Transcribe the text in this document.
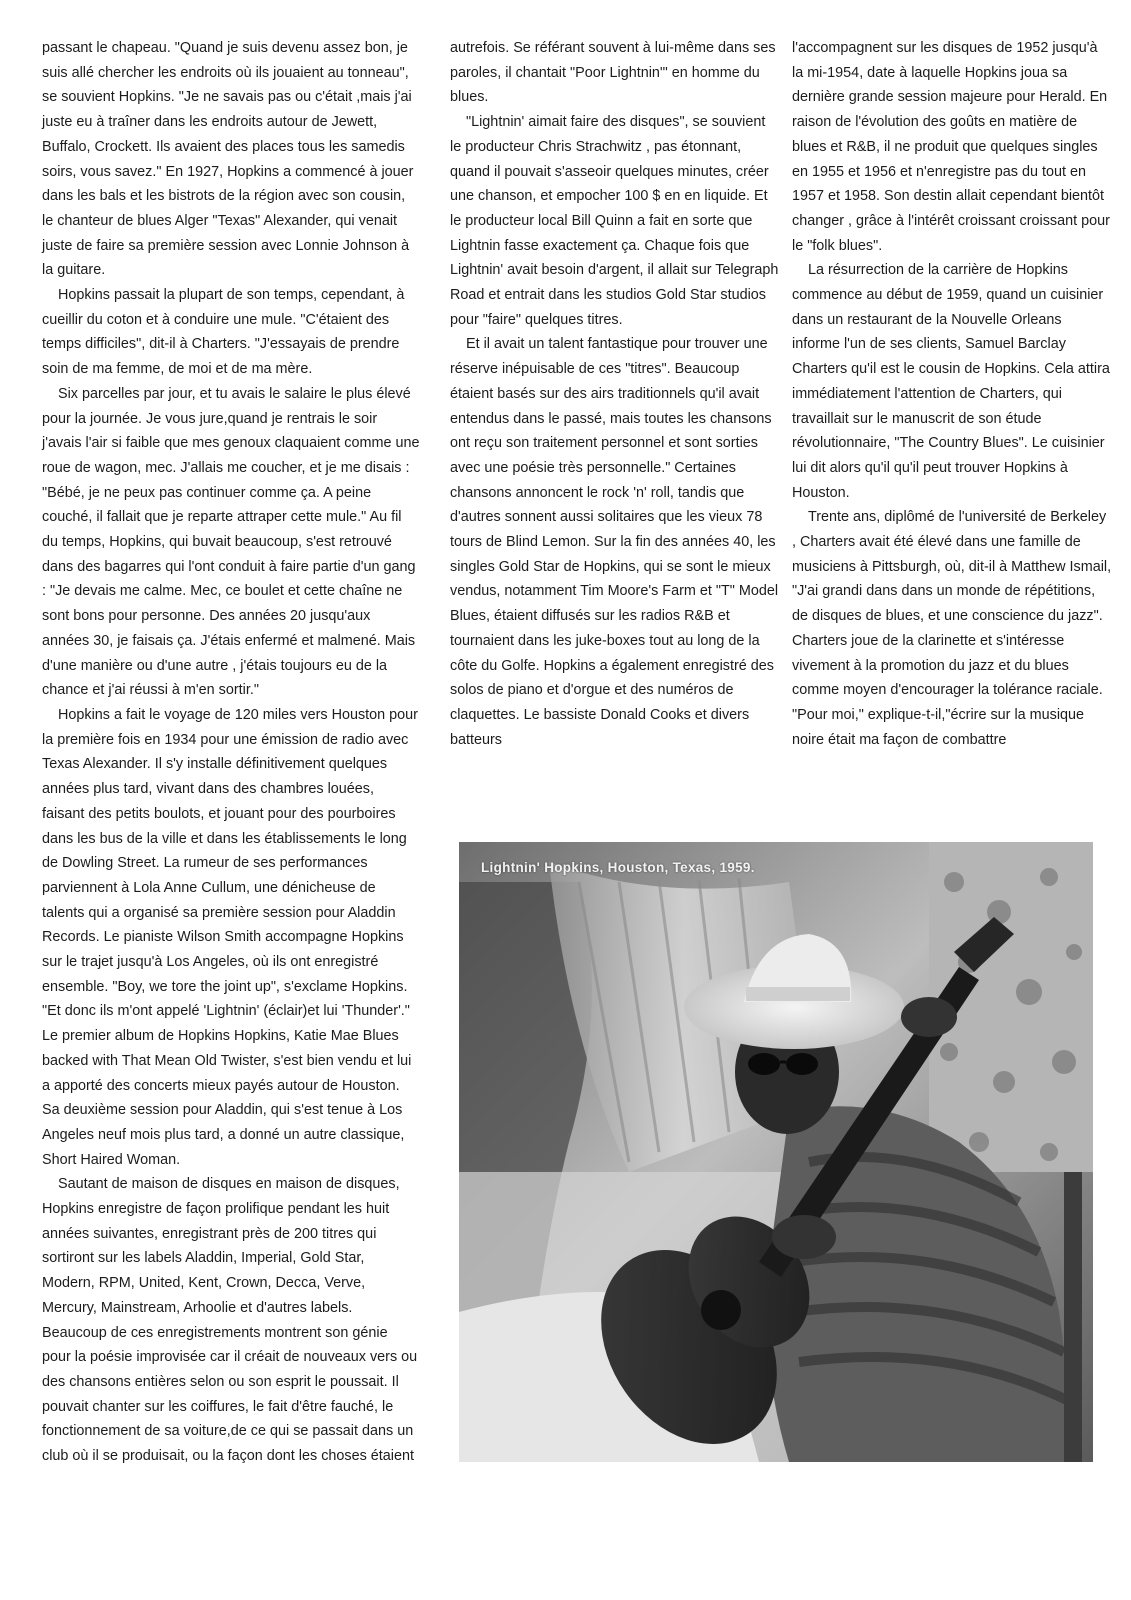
passant le chapeau. "Quand je suis devenu assez bon, je suis allé chercher les endroits où ils jouaient au tonneau", se souvient Hopkins. "Je ne savais pas ou c'était ,mais j'ai juste eu à traîner dans les endroits autour de Jewett, Buffalo, Crockett. Ils avaient des places tous les samedis soirs, vous savez." En 1927, Hopkins a commencé à jouer dans les bals et les bistrots de la région avec son cousin, le chanteur de blues Alger "Texas" Alexander, qui venait juste de faire sa première session avec Lonnie Johnson à la guitare.

Hopkins passait la plupart de son temps, cependant, à cueillir du coton et à conduire une mule. "C'étaient des temps difficiles", dit-il à Charters. "J'essayais de prendre soin de ma femme, de moi et de ma mère.

Six parcelles par jour, et tu avais le salaire le plus élevé pour la journée. Je vous jure,quand je rentrais le soir j'avais l'air si faible que mes genoux claquaient comme une roue de wagon, mec. J'allais me coucher, et je me disais : "Bébé, je ne peux pas continuer comme ça. A peine couché, il fallait que je reparte attraper cette mule." Au fil du temps, Hopkins, qui buvait beaucoup, s'est retrouvé dans des bagarres qui l'ont conduit à faire partie d'un gang : "Je devais me calme. Mec, ce boulet et cette chaîne ne sont bons pour personne. Des années 20 jusqu'aux années 30, je faisais ça. J'étais enfermé et malmené. Mais d'une manière ou d'une autre , j'étais toujours eu de la chance et j'ai réussi à m'en sortir."

Hopkins a fait le voyage de 120 miles vers Houston pour la première fois en 1934 pour une émission de radio avec Texas Alexander. Il s'y installe définitivement quelques années plus tard, vivant dans des chambres louées, faisant des petits boulots, et jouant pour des pourboires dans les bus de la ville et dans les établissements le long de Dowling Street. La rumeur de ses performances parviennent à Lola Anne Cullum, une dénicheuse de talents qui a organisé sa première session pour Aladdin Records. Le pianiste Wilson Smith accompagne Hopkins sur le trajet jusqu'à Los Angeles, où ils ont enregistré ensemble. "Boy, we tore the joint up", s'exclame Hopkins. "Et donc ils m'ont appelé 'Lightnin' (éclair)et lui 'Thunder'." Le premier album de Hopkins Hopkins, Katie Mae Blues backed with That Mean Old Twister, s'est bien vendu et lui a apporté des concerts mieux payés autour de Houston. Sa deuxième session pour Aladdin, qui s'est tenue à Los Angeles neuf mois plus tard, a donné un autre classique, Short Haired Woman.

Sautant de maison de disques en maison de disques, Hopkins enregistre de façon prolifique pendant les huit années suivantes, enregistrant près de 200 titres qui sortiront sur les labels Aladdin, Imperial, Gold Star, Modern, RPM, United, Kent, Crown, Decca, Verve, Mercury, Mainstream, Arhoolie et d'autres labels. Beaucoup de ces enregistrements montrent son génie pour la poésie improvisée car il créait de nouveaux vers ou des chansons entières selon ou son esprit le poussait. Il pouvait chanter sur les coiffures, le fait d'être fauché, le fonctionnement de sa voiture,de ce qui se passait dans un club où il se produisait, ou la façon dont les choses étaient

autrefois. Se référant souvent à lui-même dans ses paroles, il chantait "Poor Lightnin'" en homme du blues.

"Lightnin' aimait faire des disques", se souvient le producteur Chris Strachwitz , pas étonnant, quand il pouvait s'asseoir quelques minutes, créer une chanson, et empocher 100 $ en en liquide. Et le producteur local Bill Quinn a fait en sorte que Lightnin fasse exactement ça. Chaque fois que Lightnin' avait besoin d'argent, il allait sur Telegraph Road et entrait dans les studios Gold Star studios pour "faire" quelques titres.

Et il avait un talent fantastique pour trouver une réserve inépuisable de ces "titres". Beaucoup étaient basés sur des airs traditionnels qu'il avait entendus dans le passé, mais toutes les chansons ont reçu son traitement personnel et sont sorties avec une poésie très personnelle." Certaines chansons annoncent le rock 'n' roll, tandis que d'autres sonnent aussi solitaires que les vieux 78 tours de Blind Lemon. Sur la fin des années 40, les singles Gold Star de Hopkins, qui se sont le mieux vendus, notamment Tim Moore's Farm et "T" Model Blues, étaient diffusés sur les radios R&B et tournaient dans les juke-boxes tout au long de la côte du Golfe. Hopkins a également enregistré des solos de piano et d'orgue et des numéros de claquettes. Le bassiste Donald Cooks et divers batteurs

l'accompagnent sur les disques de 1952 jusqu'à la mi-1954, date à laquelle Hopkins joua sa dernière grande session majeure pour Herald. En raison de l'évolution des goûts en matière de blues et R&B, il ne produit que quelques singles en 1955 et 1956 et n'enregistre pas du tout en 1957 et 1958. Son destin allait cependant bientôt changer , grâce à l'intérêt croissant croissant pour le "folk blues".

La résurrection de la carrière de Hopkins commence au début de 1959, quand un cuisinier dans un restaurant de la Nouvelle Orleans informe l'un de ses clients, Samuel Barclay Charters qu'il est le cousin de Hopkins. Cela attira immédiatement l'attention de Charters, qui travaillait sur le manuscrit de son étude révolutionnaire, "The Country Blues". Le cuisinier lui dit alors qu'il qu'il peut trouver Hopkins à Houston.

Trente ans, diplômé de l'université de Berkeley , Charters avait été élevé dans une famille de musiciens à Pittsburgh, où, dit-il à Matthew Ismail, "J'ai grandi dans dans un monde de répétitions, de disques de blues, et une conscience du jazz". Charters joue de la clarinette et s'intéresse vivement à la promotion du jazz et du blues comme moyen d'encourager la tolérance raciale. "Pour moi," explique-t-il,"écrire sur la musique noire était ma façon de combattre

Lightnin' Hopkins, Houston, Texas, 1959.
